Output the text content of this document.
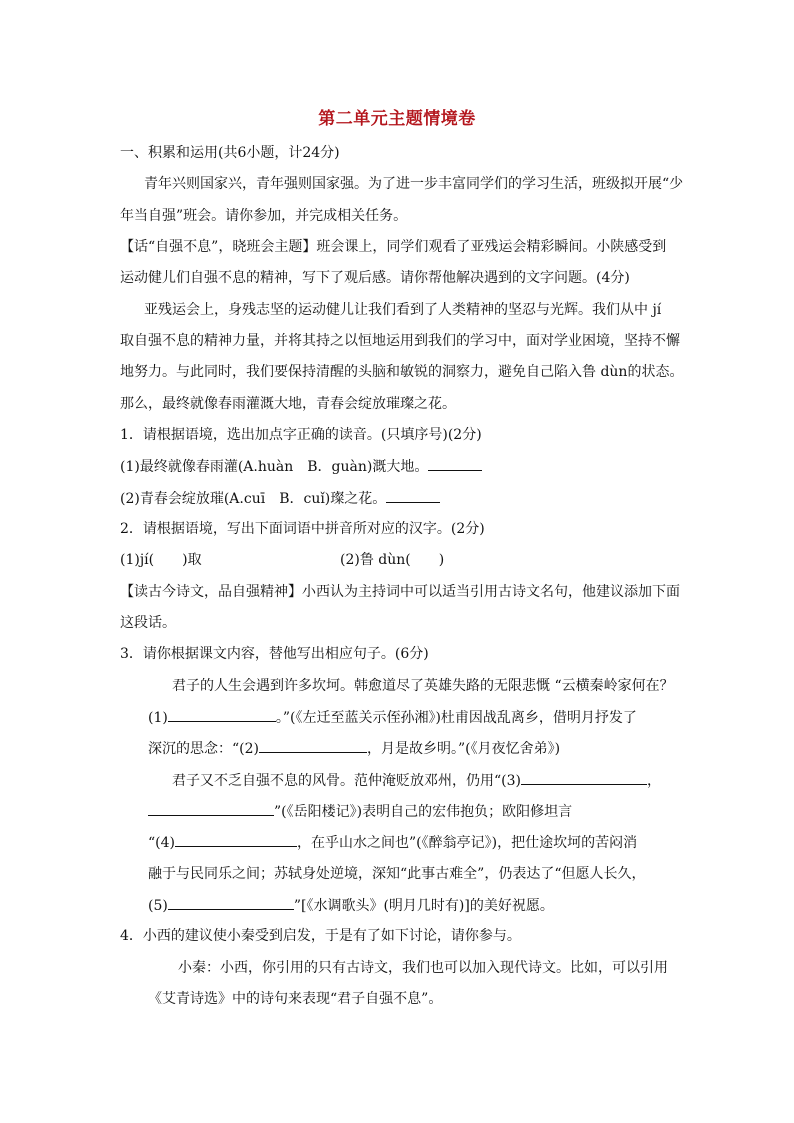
第二单元主题情境卷
一、积累和运用(共6小题，计24分)
青年兴则国家兴，青年强则国家强。为了进一步丰富同学们的学习生活，班级拟开展“少
年当自强”班会。请你参加，并完成相关任务。
【话“自强不息”，晓班会主题】班会课上，同学们观看了亚残运会精彩瞬间。小陕感受到
运动健儿们自强不息的精神，写下了观后感。请你帮他解决遇到的文字问题。(4分)
亚残运会上，身残志坚的运动健儿让我们看到了人类精神的坚忍与光辉。我们从中 jí
取自强不息的精神力量，并将其持之以恒地运用到我们的学习中，面对学业困境，坚持不懈
地努力。与此同时，我们要保持清醒的头脑和敏锐的洞察力，避免自己陷入鲁 dùn的状态。
那么，最终就像春雨灌溉大地，青春会绽放璀璨之花。
1．请根据语境，选出加点字正确的读音。(只填序号)(2分)
(1)最终就像春雨灌(A.huàn　B．guàn)溉大地。
(2)青春会绽放璀(A.cuī　B．cuǐ)璨之花。
2．请根据语境，写出下面词语中拼音所对应的汉字。(2分)
(1)jí(　　)取	(2)鲁 dùn(　　)
【读古今诗文，品自强精神】小西认为主持词中可以适当引用古诗文名句，他建议添加下面
这段话。
3．请你根据课文内容，替他写出相应句子。(6分)
君子的人生会遇到许多坎坷。韩愈道尽了英雄失路的无限悲慨 “云横秦岭家何在？
(1)	。”(《左迁至蓝关示侄孙湘》)杜甫因战乱离乡，借明月抒发了
深沉的思念：“(2)	，月是故乡明。”(《月夜忆舍弟》)
君子又不乏自强不息的风骨。范仲淹贬放邓州，仍用“(3)	，
”(《岳阳楼记》)表明自己的宏伟抱负；欧阳修坦言
“(4)	，在乎山水之间也”(《醉翁亭记》)，把仕途坎坷的苦闷消
融于与民同乐之间；苏轼身处逆境，深知“此事古难全”，仍表达了“但愿人长久，
(5)	”[《水调歌头》(明月几时有)]的美好祝愿。
4．小西的建议使小秦受到启发，于是有了如下讨论，请你参与。
小秦：小西，你引用的只有古诗文，我们也可以加入现代诗文。比如，可以引用
《艾青诗选》中的诗句来表现“君子自强不息”。
